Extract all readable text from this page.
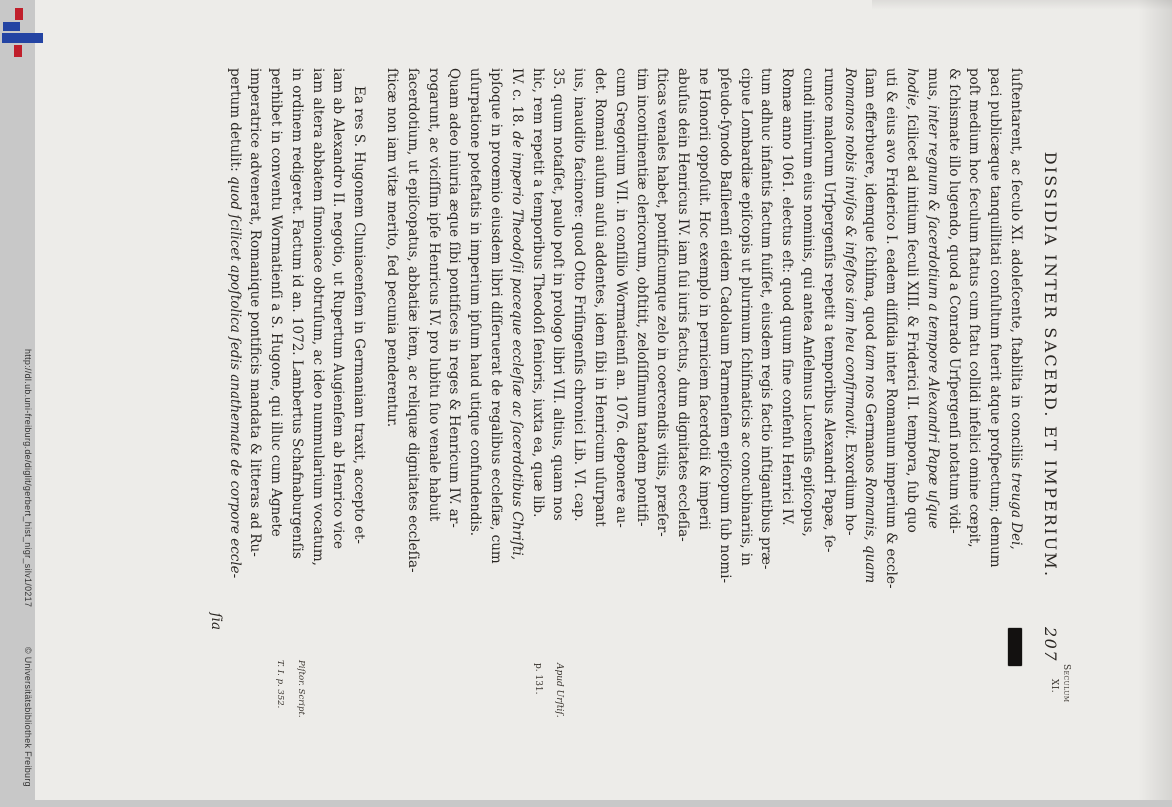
DISSIDIA INTER SACERD. ET IMPERIUM.
207
Seculum
XI.
Apud Urſtiſ.
p. 131.
Piſtor. Script.
T. I. p. 352.
ſuſtentarent, ac ſeculo XI. adoleſcente, ſtabilita in conciliis treuga Dei,
paci publicæque tanquillitati conſultum fuerit atque proſpectum; demum
poſt medium hoc ſeculum ſtatus cum ſtatu collidi infelici omine cœpit,
& ſchismate illo lugendo, quod a Conrado Urſpergenſi notatum vidi-
mus, inter regnum & ſacerdotium a tempore Alexandri Papæ uſque
hodie, ſcilicet ad initium ſeculi XIII. & Friderici II. tempora, ſub quo
uti & eius avo Friderico I. eadem diſſidia inter Romanum imperium & eccle-
ſiam efferbuere, idemque ſchiſma, quod tam nos Germanos Romanis, quam
Romanos nobis inviſos & infeſtos iam heu confirmavit. Exordium ho-
rumce malorum Urſpergenſis repetit a temporibus Alexandri Papæ, ſe-
cundi nimirum eius nominis, qui antea Anſelmus Lucenſis epiſcopus,
Romæ anno 1061. electus eſt: quod quum ſine conſenſu Henrici IV.
tum adhuc infantis factum fuiſſet, eiusdem regis factio inſtigantibus præ-
cipue Lombardiæ epiſcopis ut plurimum ſchiſmaticis ac concubinariis, in
pſeudo-ſynodo Baſileenſi eidem Cadolaum Parmenſem epiſcopum ſub nomi-
ne Honorii oppoſuit. Hoc exemplo in perniciem ſacerdotii & imperii
abuſus dein Henricus IV. iam ſui iuris factus, dum dignitates eccleſia-
ſticas venales habet, pontificumque zelo in coercendis vitiis, præſer-
tim incontinentiæ clericorum, obſtitit, zeloſiſſimum tandem pontifi-
cum Gregorium VII. in conſilio Wormatienſi an. 1076. deponere au-
det. Romani auſum auſui addentes, idem ſibi in Henricum uſurpant
ius, inaudito facinore: quod Otto Friſingenſis chronici Lib. VI. cap.
35. quum notaſſet, paulo poſt in prologo libri VII. altius, quam nos
hic, rem repetit a temporibus Theodoſi ſenioris, iuxta ea, quæ lib.
IV. c. 18. de imperio Theodoſii paceque eccleſiæ ac ſacerdotibus Chriſti,
ipſoque in proœmio eiusdem libri diſſeruerat de regalibus eccleſiæ, cum
uſurpatione poteſtatis in imperium ipſum haud utique confundendis.
Quam adeo iniuria æque ſibi pontifices in reges & Henricum IV. ar-
rogarunt, ac viciſſim ipſe Henricus IV. pro lubitu ſuo venale habuit
ſacerdotium, ut epiſcopatus, abbatiæ item, ac reliquæ dignitates eccleſia-
ſticæ non iam vitæ merito, ſed pecunia penderentur.
Ea res S. Hugonem Cluniacenſem in Germaniam traxit, accepto et-
iam ab Alexandro II. negotio, ut Rupertum Augienſem ab Henrico vice
iam altera abbatem ſimoniace obtruſum, ac ideo nummularium vocatum,
in ordinem redigeret. Factum id an. 1072. Lambertus Schafnaburgenſis
perhibet in conventu Wormatienſi a S. Hugone, qui illuc cum Agnete
imperatrice advenerat, Romanique pontificis mandata & litteras ad Ru-
pertum detulit: quod ſcilicet apoſtolica ſedis anathemate de corpore eccle-
ſia
http://dl.ub.uni-freiburg.de/diglit/gerbert_hist_nigr_silv1/0217
© Universitätsbibliothek Freiburg
